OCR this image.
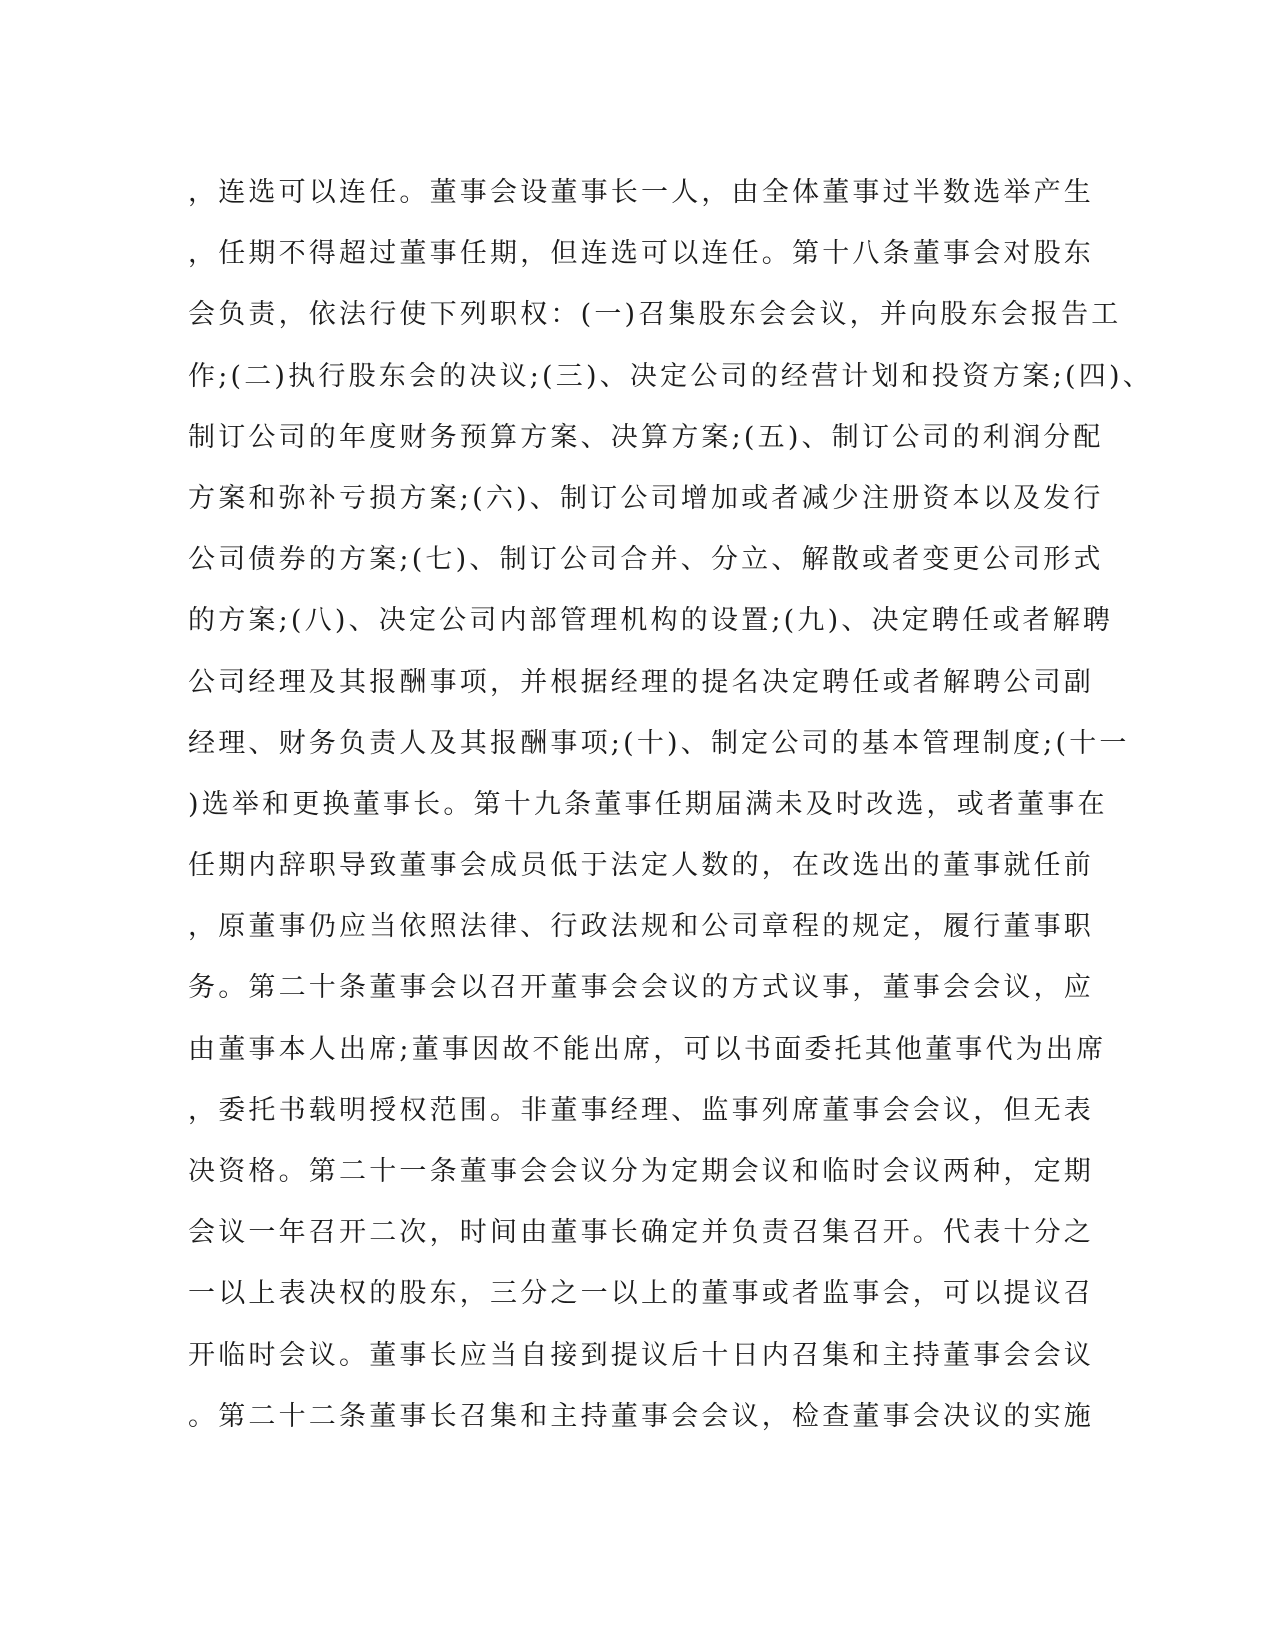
，连选可以连任。董事会设董事长一人，由全体董事过半数选举产生
，任期不得超过董事任期，但连选可以连任。第十八条董事会对股东
会负责，依法行使下列职权：(一)召集股东会会议，并向股东会报告工
作;(二)执行股东会的决议;(三)、决定公司的经营计划和投资方案;(四)、
制订公司的年度财务预算方案、决算方案;(五)、制订公司的利润分配
方案和弥补亏损方案;(六)、制订公司增加或者减少注册资本以及发行
公司债券的方案;(七)、制订公司合并、分立、解散或者变更公司形式
的方案;(八)、决定公司内部管理机构的设置;(九)、决定聘任或者解聘
公司经理及其报酬事项，并根据经理的提名决定聘任或者解聘公司副
经理、财务负责人及其报酬事项;(十)、制定公司的基本管理制度;(十一
)选举和更换董事长。第十九条董事任期届满未及时改选，或者董事在
任期内辞职导致董事会成员低于法定人数的，在改选出的董事就任前
，原董事仍应当依照法律、行政法规和公司章程的规定，履行董事职
务。第二十条董事会以召开董事会会议的方式议事，董事会会议，应
由董事本人出席;董事因故不能出席，可以书面委托其他董事代为出席
，委托书载明授权范围。非董事经理、监事列席董事会会议，但无表
决资格。第二十一条董事会会议分为定期会议和临时会议两种，定期
会议一年召开二次，时间由董事长确定并负责召集召开。代表十分之
一以上表决权的股东，三分之一以上的董事或者监事会，可以提议召
开临时会议。董事长应当自接到提议后十日内召集和主持董事会会议
。第二十二条董事长召集和主持董事会会议，检查董事会决议的实施
